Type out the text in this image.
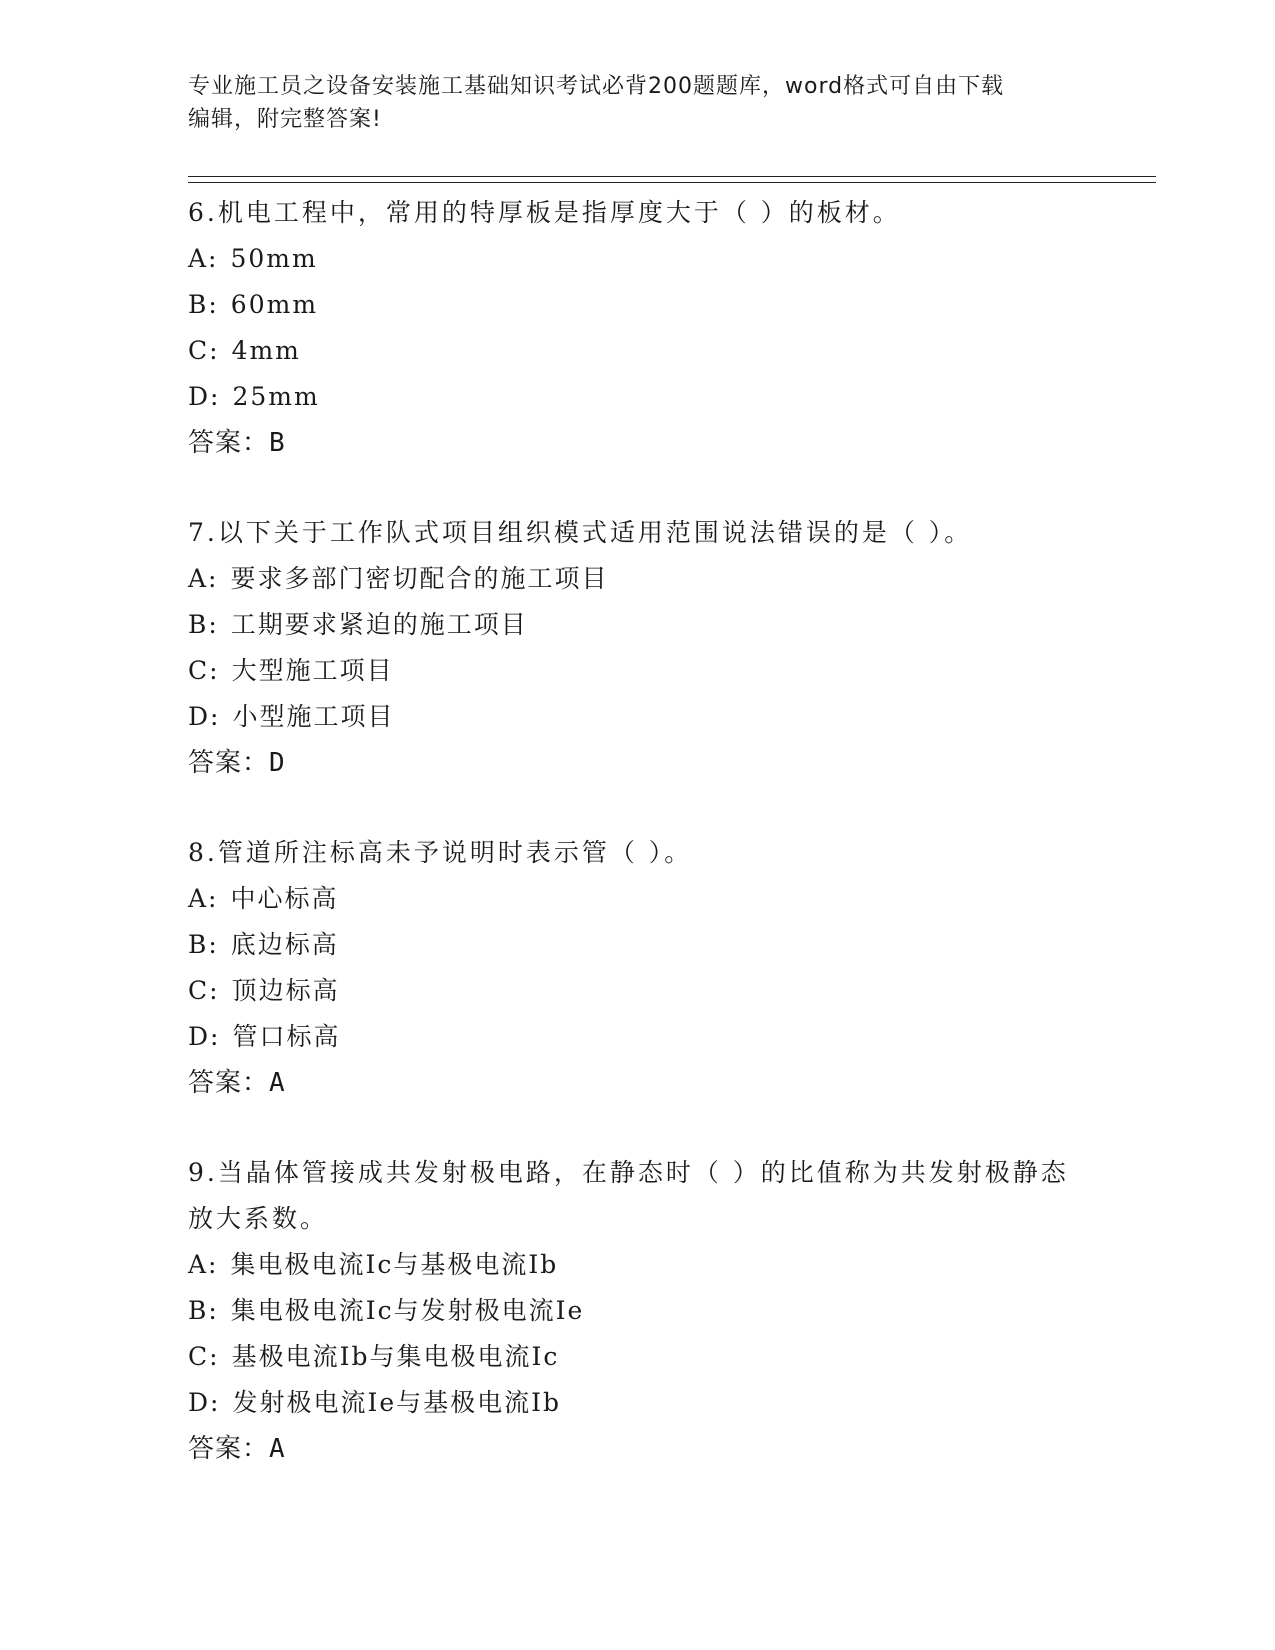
专业施工员之设备安装施工基础知识考试必背200题题库，word格式可自由下载
编辑，附完整答案!
6.机电工程中，常用的特厚板是指厚度大于（ ）的板材。
A: 50mm
B: 60mm
C: 4mm
D: 25mm
答案：B
7.以下关于工作队式项目组织模式适用范围说法错误的是（ ）。
A: 要求多部门密切配合的施工项目
B: 工期要求紧迫的施工项目
C: 大型施工项目
D: 小型施工项目
答案：D
8.管道所注标高未予说明时表示管（ ）。
A: 中心标高
B: 底边标高
C: 顶边标高
D: 管口标高
答案：A
9.当晶体管接成共发射极电路，在静态时（ ）的比值称为共发射极静态放大系数。
A: 集电极电流Ic与基极电流Ib
B: 集电极电流Ic与发射极电流Ie
C: 基极电流Ib与集电极电流Ic
D: 发射极电流Ie与基极电流Ib
答案：A
